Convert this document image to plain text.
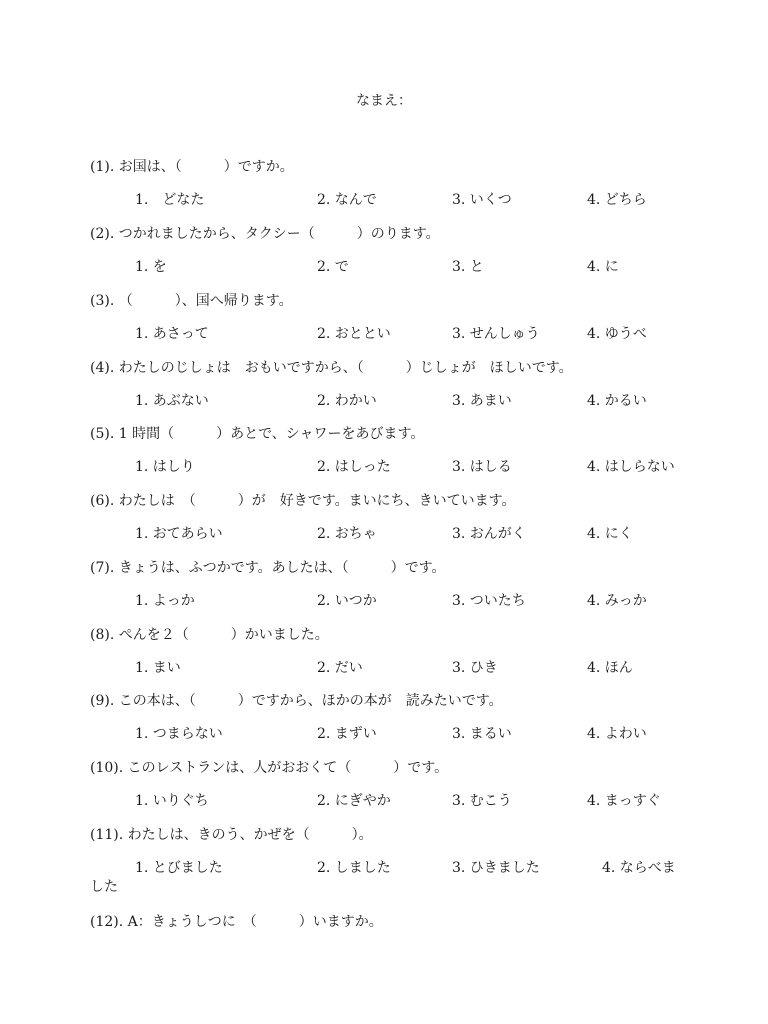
なまえ：
(1). お国は、（　　　）ですか。
1.　どなた	2. なんで	3. いくつ	4. どちら
(2). つかれましたから、タクシー（　　　）のります。
1. を	2. で	3. と	4. に
(3). （　　　）、国へ帰ります。
1. あさって	2. おととい	3. せんしゅう	4. ゆうべ
(4). わたしのじしょは　おもいですから、（　　　）じしょが　ほしいです。
1. あぶない	2. わかい	3. あまい	4. かるい
(5). 1 時間（　　　）あとで、シャワーをあびます。
1. はしり	2. はしった	3. はしる	4. はしらない
(6). わたしは　（　　　）が　好きです。まいにち、きいています。
1. おてあらい	2. おちゃ	3. おんがく	4. にく
(7). きょうは、ふつかです。あしたは、（　　　）です。
1. よっか	2. いつか	3. ついたち	4. みっか
(8). ぺんを２（　　　）かいました。
1. まい	2. だい	3. ひき	4. ほん
(9). この本は、（　　　）ですから、ほかの本が　読みたいです。
1. つまらない	2. まずい	3. まるい	4. よわい
(10). このレストランは、人がおおくて（　　　）です。
1. いりぐち	2. にぎやか	3. むこう	4. まっすぐ
(11). わたしは、きのう、かぜを（　　　）。
1. とびました	2. しました	3. ひきました	4. ならべま
した
(12). A：きょうしつに　（　　　）いますか。
